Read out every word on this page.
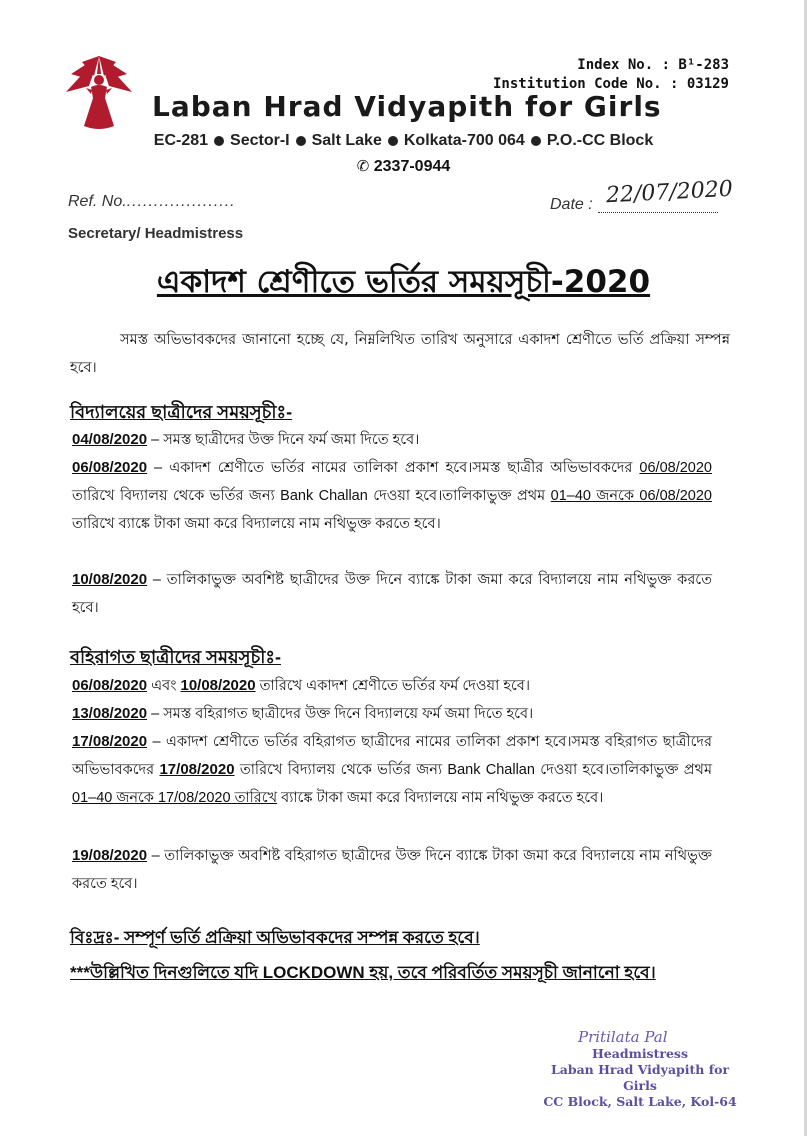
Index No. : B¹-283
Institution Code No. : 03129
Laban Hrad Vidyapith for Girls
EC-281 Sector-I Salt Lake Kolkata-700 064 P.O.-CC Block
✆ 2337-0944
Ref. No.....................	Date : 22/07/2020
Secretary/ Headmistress
একাদশ শ্রেণীতে ভর্তির সময়সূচী-2020
সমস্ত অভিভাবকদের জানানো হচ্ছে যে, নিম্নলিখিত তারিখ অনুসারে একাদশ শ্রেণীতে ভর্তি প্রক্রিয়া সম্পন্ন হবে।
বিদ্যালয়ের ছাত্রীদের সময়সূচীঃ-
04/08/2020 – সমস্ত ছাত্রীদের উক্ত দিনে ফর্ম জমা দিতে হবে।
06/08/2020 – একাদশ শ্রেণীতে ভর্তির নামের তালিকা প্রকাশ হবে।সমস্ত ছাত্রীর অভিভাবকদের 06/08/2020 তারিখে বিদ্যালয় থেকে ভর্তির জন্য Bank Challan দেওয়া হবে।তালিকাভুক্ত প্রথম 01–40 জনকে 06/08/2020 তারিখে ব্যাঙ্কে টাকা জমা করে বিদ্যালয়ে নাম নথিভুক্ত করতে হবে।
10/08/2020 – তালিকাভুক্ত অবশিষ্ট ছাত্রীদের উক্ত দিনে ব্যাঙ্কে টাকা জমা করে বিদ্যালয়ে নাম নথিভুক্ত করতে হবে।
বহিরাগত ছাত্রীদের সময়সূচীঃ-
06/08/2020 এবং 10/08/2020 তারিখে একাদশ শ্রেণীতে ভর্তির ফর্ম দেওয়া হবে।
13/08/2020 – সমস্ত বহিরাগত ছাত্রীদের উক্ত দিনে বিদ্যালয়ে ফর্ম জমা দিতে হবে।
17/08/2020 – একাদশ শ্রেণীতে ভর্তির বহিরাগত ছাত্রীদের নামের তালিকা প্রকাশ হবে।সমস্ত বহিরাগত ছাত্রীদের অভিভাবকদের 17/08/2020 তারিখে বিদ্যালয় থেকে ভর্তির জন্য Bank Challan দেওয়া হবে।তালিকাভুক্ত প্রথম 01–40 জনকে 17/08/2020 তারিখে ব্যাঙ্কে টাকা জমা করে বিদ্যালয়ে নাম নথিভুক্ত করতে হবে।
19/08/2020 – তালিকাভুক্ত অবশিষ্ট বহিরাগত ছাত্রীদের উক্ত দিনে ব্যাঙ্কে টাকা জমা করে বিদ্যালয়ে নাম নথিভুক্ত করতে হবে।
বিঃদ্রঃ- সম্পূর্ণ ভর্তি প্রক্রিয়া অভিভাবকদের সম্পন্ন করতে হবে।
***উল্লিখিত দিনগুলিতে যদি LOCKDOWN হয়, তবে পরিবর্তিত সময়সূচী জানানো হবে।
Pritilata Pal
Headmistress
Laban Hrad Vidyapith for Girls
CC Block, Salt Lake, Kol-64
